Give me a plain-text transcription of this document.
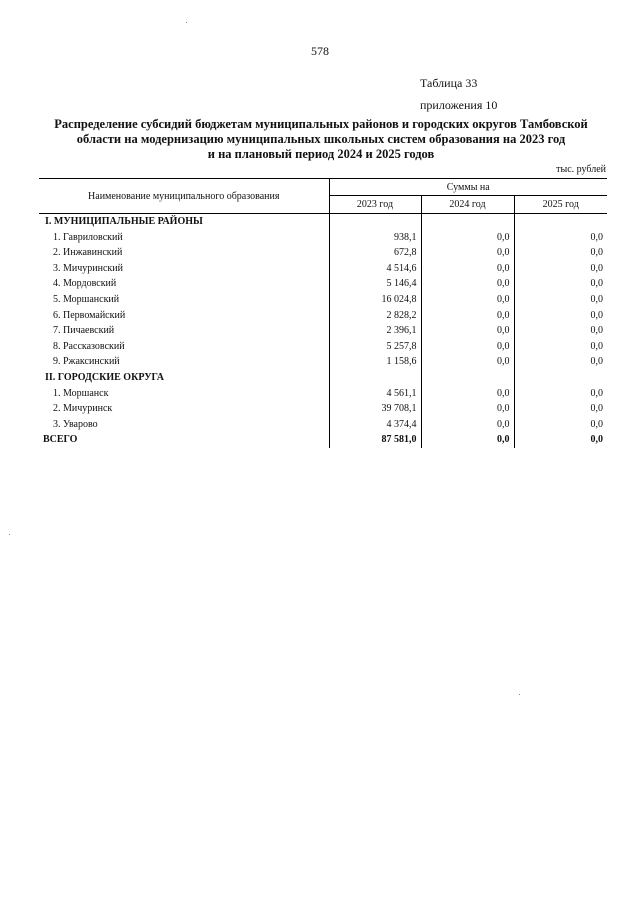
578
Таблица 33
приложения 10
Распределение субсидий бюджетам муниципальных районов и городских округов Тамбовской
области на модернизацию муниципальных школьных систем образования на 2023 год
и на плановый период 2024 и 2025 годов
тыс. рублей
Наименование муниципального образования	Суммы на		
	2023 год	2024 год	2025 год
I. МУНИЦИПАЛЬНЫЕ РАЙОНЫ			
1. Гавриловский	938,1	0,0	0,0
2. Инжавинский	672,8	0,0	0,0
3. Мичуринский	4 514,6	0,0	0,0
4. Мордовский	5 146,4	0,0	0,0
5. Моршанский	16 024,8	0,0	0,0
6. Первомайский	2 828,2	0,0	0,0
7. Пичаевский	2 396,1	0,0	0,0
8. Рассказовский	5 257,8	0,0	0,0
9. Ржаксинский	1 158,6	0,0	0,0
II. ГОРОДСКИЕ ОКРУГА			
1. Моршанск	4 561,1	0,0	0,0
2. Мичуринск	39 708,1	0,0	0,0
3. Уварово	4 374,4	0,0	0,0
ВСЕГО	87 581,0	0,0	0,0
